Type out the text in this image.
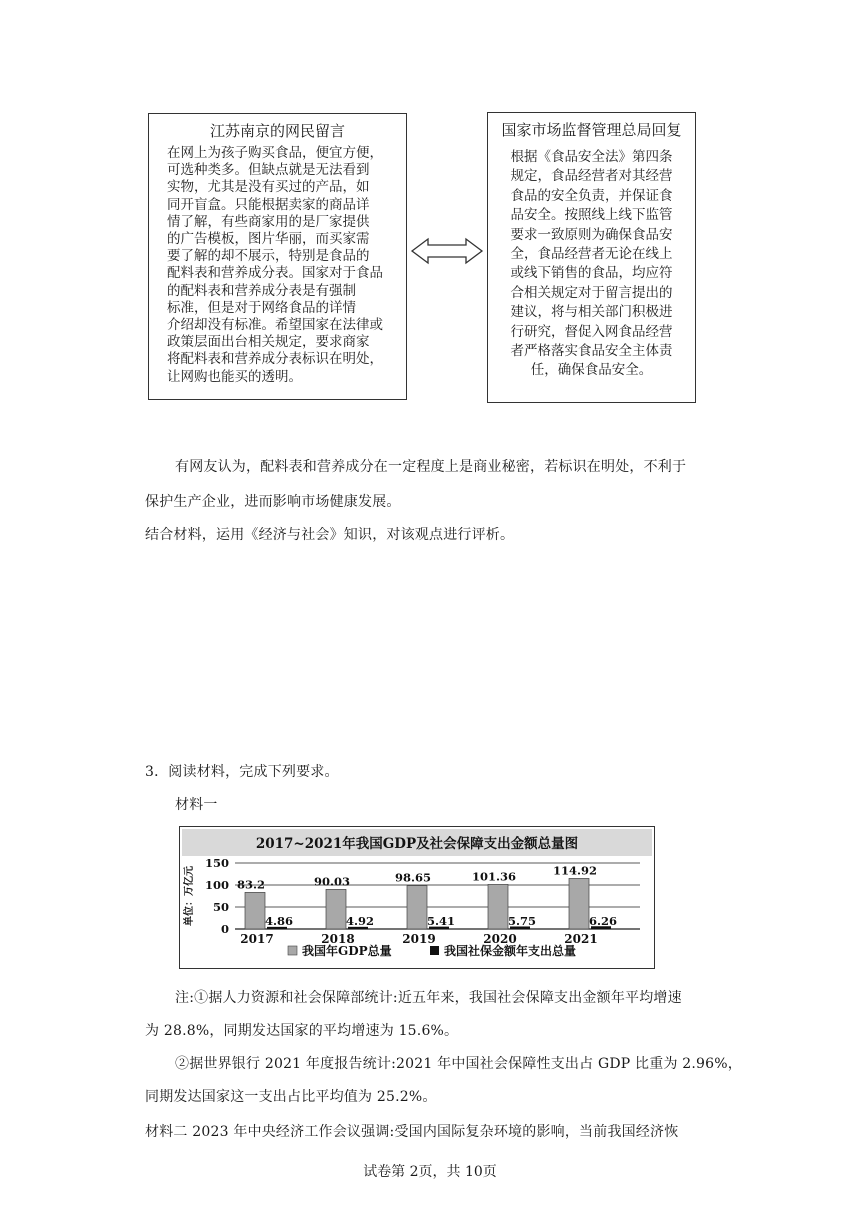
江苏南京的网民留言
在网上为孩子购买食品，便宜方便，
可选种类多。但缺点就是无法看到
实物，尤其是没有买过的产品，如
同开盲盒。只能根据卖家的商品详
情了解，有些商家用的是厂家提供
的广告模板，图片华丽，而买家需
要了解的却不展示，特别是食品的
配料表和营养成分表。国家对于食品
的配料表和营养成分表是有强制
标准，但是对于网络食品的详情
介绍却没有标准。希望国家在法律或
政策层面出台相关规定，要求商家
将配料表和营养成分表标识在明处，
让网购也能买的透明。
国家市场监督管理总局回复
根据《食品安全法》第四条
规定，食品经营者对其经营
食品的安全负责，并保证食
品安全。按照线上线下监管
要求一致原则为确保食品安
全，食品经营者无论在线上
或线下销售的食品，均应符
合相关规定对于留言提出的
建议，将与相关部门积极进
行研究，督促入网食品经营
者严格落实食品安全主体责
任，确保食品安全。
有网友认为，配料表和营养成分在一定程度上是商业秘密，若标识在明处，不利于
保护生产企业，进而影响市场健康发展。
结合材料，运用《经济与社会》知识，对该观点进行评析。
3．阅读材料，完成下列要求。
材料一
2017~2021年我国GDP及社会保障支出金额总量图
单位：万亿元
150
100
50
0
83.2
4.86
2017
90.03
4.92
2018
98.65
5.41
2019
101.36
5.75
2020
114.92
6.26
2021
我国年GDP总量	我国社保金额年支出总量
注:①据人力资源和社会保障部统计:近五年来，我国社会保障支出金额年平均增速
为 28.8%，同期发达国家的平均增速为 15.6%。
②据世界银行 2021 年度报告统计:2021 年中国社会保障性支出占 GDP 比重为 2.96%，
同期发达国家这一支出占比平均值为 25.2%。
材料二 2023 年中央经济工作会议强调:受国内国际复杂环境的影响，当前我国经济恢
试卷第 2页，共 10页
